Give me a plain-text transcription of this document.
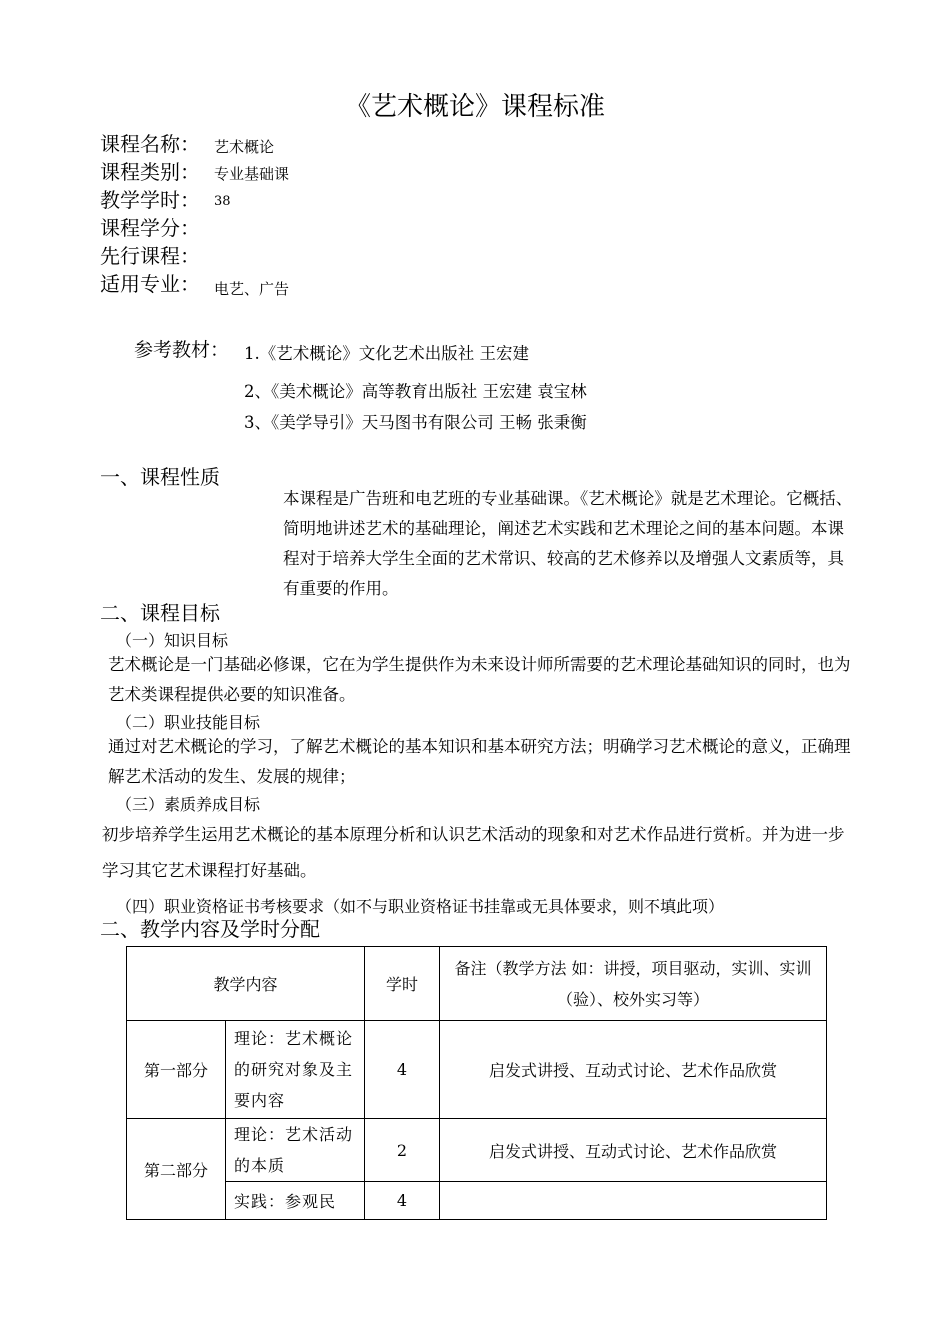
《艺术概论》课程标准
课程名称： 艺术概论
课程类别： 专业基础课
教学学时： 38
课程学分：
先行课程：
适用专业： 电艺、广告
参考教材： 1.《艺术概论》文化艺术出版社 王宏建
2、《美术概论》高等教育出版社 王宏建 袁宝林
3、《美学导引》天马图书有限公司 王畅 张秉衡
一、课程性质
本课程是广告班和电艺班的专业基础课。《艺术概论》就是艺术理论。它概括、简明地讲述艺术的基础理论，阐述艺术实践和艺术理论之间的基本问题。本课程对于培养大学生全面的艺术常识、较高的艺术修养以及增强人文素质等，具有重要的作用。
二、课程目标
（一）知识目标
艺术概论是一门基础必修课，它在为学生提供作为未来设计师所需要的艺术理论基础知识的同时，也为艺术类课程提供必要的知识准备。
（二）职业技能目标
通过对艺术概论的学习，了解艺术概论的基本知识和基本研究方法；明确学习艺术概论的意义，正确理解艺术活动的发生、发展的规律；
（三）素质养成目标
初步培养学生运用艺术概论的基本原理分析和认识艺术活动的现象和对艺术作品进行赏析。并为进一步学习其它艺术课程打好基础。
（四）职业资格证书考核要求（如不与职业资格证书挂靠或无具体要求，则不填此项）
二、教学内容及学时分配
教学内容		学时	备注（教学方法 如：讲授，项目驱动，实训、实训（验）、校外实习等）
第一部分	理论：艺术概论的研究对象及主要内容	4	启发式讲授、互动式讨论、艺术作品欣赏
第二部分	理论：艺术活动的本质	2	启发式讲授、互动式讨论、艺术作品欣赏
	实践：参观民	4	
